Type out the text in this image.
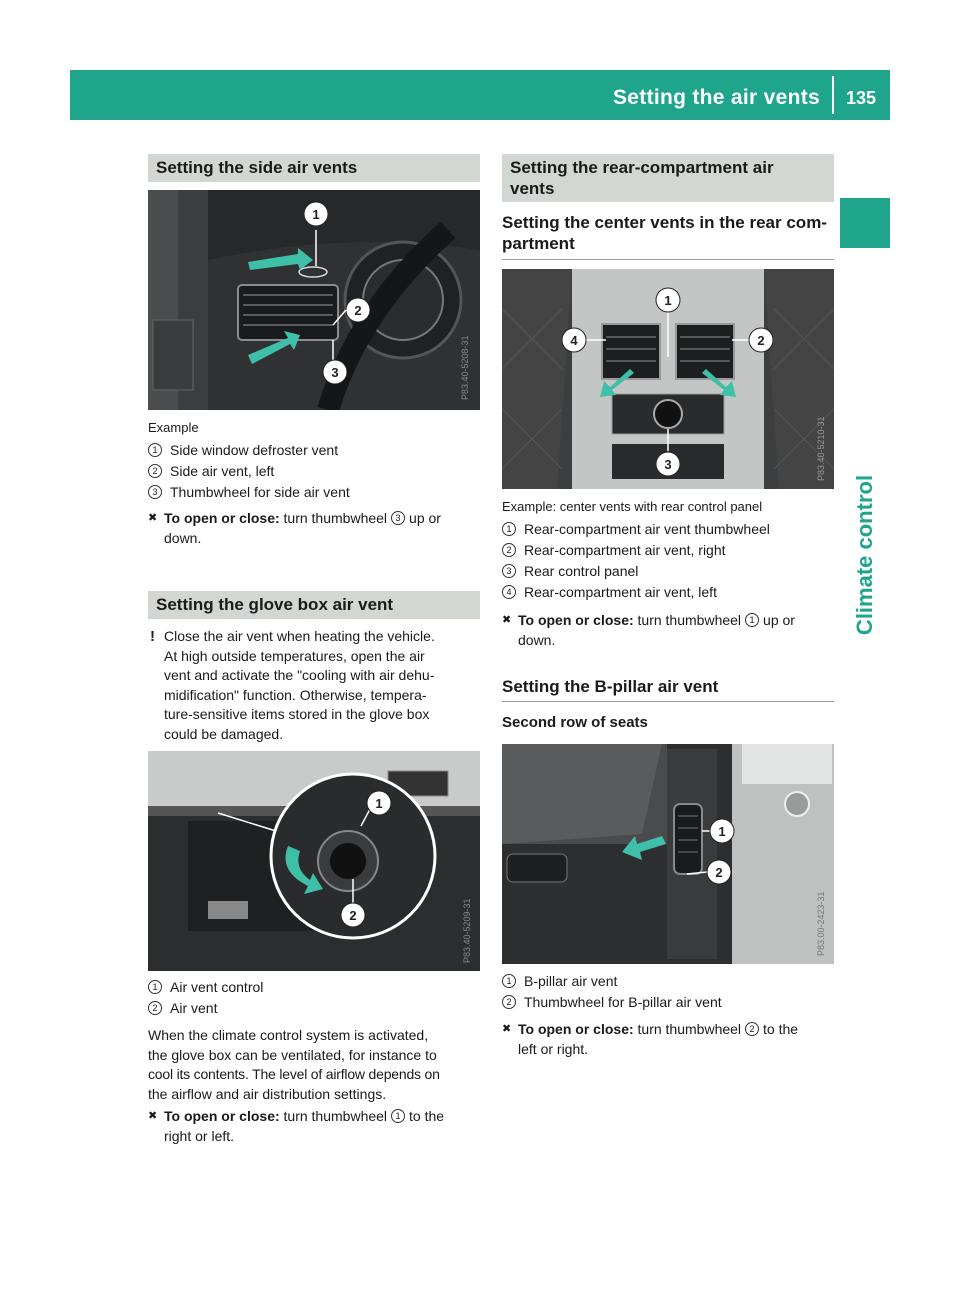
Setting the air vents 135
Climate control
Setting the side air vents
1
2
3	P83.40-5208-31
Example
1 Side window defroster vent
2 Side air vent, left
3 Thumbwheel for side air vent
✖ To open or close: turn thumbwheel 3 up or
down.
Setting the glove box air vent
! Close the air vent when heating the vehicle.
At high outside temperatures, open the air
vent and activate the "cooling with air dehu-
midification" function. Otherwise, tempera-
ture-sensitive items stored in the glove box
could be damaged.
1
2	P83.40-5209-31
1 Air vent control
2 Air vent
When the climate control system is activated,
the glove box can be ventilated, for instance to
cool its contents. The level of airflow depends on
the airflow and air distribution settings.
✖ To open or close: turn thumbwheel 1 to the
right or left.
Setting the rear-compartment air
vents
Setting the center vents in the rear com-
partment
1
2
3
4
P83.40-5210-31
Example: center vents with rear control panel
1 Rear-compartment air vent thumbwheel
2 Rear-compartment air vent, right
3 Rear control panel
4 Rear-compartment air vent, left
✖ To open or close: turn thumbwheel 1 up or
down.
Setting the B-pillar air vent
Second row of seats
1
2
P83.00-2423-31
1 B-pillar air vent
2 Thumbwheel for B-pillar air vent
✖ To open or close: turn thumbwheel 2 to the
left or right.
